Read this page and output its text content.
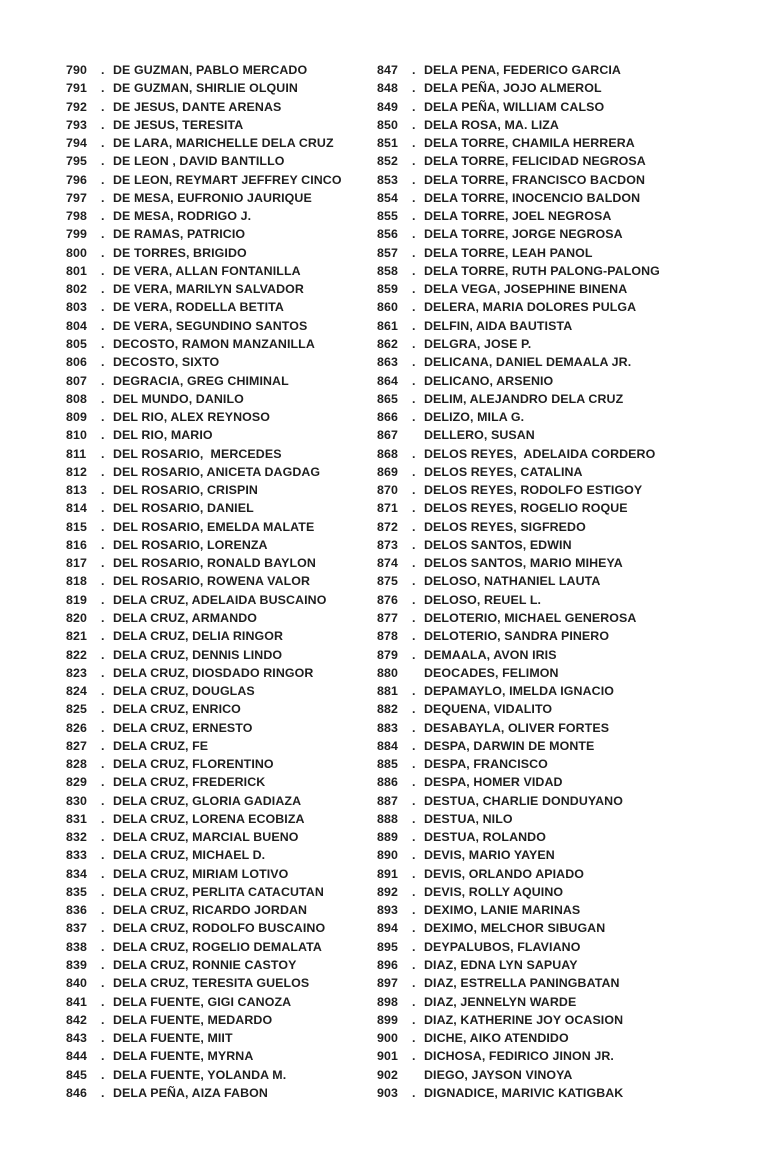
790	. DE GUZMAN, PABLO MERCADO
791	. DE GUZMAN, SHIRLIE OLQUIN
792	. DE JESUS, DANTE ARENAS
793	. DE JESUS, TERESITA
794	. DE LARA, MARICHELLE DELA CRUZ
795	. DE LEON , DAVID BANTILLO
796	. DE LEON, REYMART JEFFREY CINCO
797	. DE MESA, EUFRONIO JAURIQUE
798	. DE MESA, RODRIGO J.
799	. DE RAMAS, PATRICIO
800	. DE TORRES, BRIGIDO
801	. DE VERA, ALLAN FONTANILLA
802	. DE VERA, MARILYN SALVADOR
803	. DE VERA, RODELLA BETITA
804	. DE VERA, SEGUNDINO SANTOS
805	. DECOSTO, RAMON MANZANILLA
806	. DECOSTO, SIXTO
807	. DEGRACIA, GREG CHIMINAL
808	. DEL MUNDO, DANILO
809	. DEL RIO, ALEX REYNOSO
810	. DEL RIO, MARIO
811	. DEL ROSARIO,  MERCEDES
812	. DEL ROSARIO, ANICETA DAGDAG
813	. DEL ROSARIO, CRISPIN
814	. DEL ROSARIO, DANIEL
815	. DEL ROSARIO, EMELDA MALATE
816	. DEL ROSARIO, LORENZA
817	. DEL ROSARIO, RONALD BAYLON
818	. DEL ROSARIO, ROWENA VALOR
819	. DELA CRUZ, ADELAIDA BUSCAINO
820	. DELA CRUZ, ARMANDO
821	. DELA CRUZ, DELIA RINGOR
822	. DELA CRUZ, DENNIS LINDO
823	. DELA CRUZ, DIOSDADO RINGOR
824	. DELA CRUZ, DOUGLAS
825	. DELA CRUZ, ENRICO
826	. DELA CRUZ, ERNESTO
827	. DELA CRUZ, FE
828	. DELA CRUZ, FLORENTINO
829	. DELA CRUZ, FREDERICK
830	. DELA CRUZ, GLORIA GADIAZA
831	. DELA CRUZ, LORENA ECOBIZA
832	. DELA CRUZ, MARCIAL BUENO
833	. DELA CRUZ, MICHAEL D.
834	. DELA CRUZ, MIRIAM LOTIVO
835	. DELA CRUZ, PERLITA CATACUTAN
836	. DELA CRUZ, RICARDO JORDAN
837	. DELA CRUZ, RODOLFO BUSCAINO
838	. DELA CRUZ, ROGELIO DEMALATA
839	. DELA CRUZ, RONNIE CASTOY
840	. DELA CRUZ, TERESITA GUELOS
841	. DELA FUENTE, GIGI CANOZA
842	. DELA FUENTE, MEDARDO
843	. DELA FUENTE, MIIT
844	. DELA FUENTE, MYRNA
845	. DELA FUENTE, YOLANDA M.
846	. DELA PEÑA, AIZA FABON
847	. DELA PENA, FEDERICO GARCIA
848	. DELA PEÑA, JOJO ALMEROL
849	. DELA PEÑA, WILLIAM CALSO
850	. DELA ROSA, MA. LIZA
851	. DELA TORRE, CHAMILA HERRERA
852	. DELA TORRE, FELICIDAD NEGROSA
853	. DELA TORRE, FRANCISCO BACDON
854	. DELA TORRE, INOCENCIO BALDON
855	. DELA TORRE, JOEL NEGROSA
856	. DELA TORRE, JORGE NEGROSA
857	. DELA TORRE, LEAH PANOL
858	. DELA TORRE, RUTH PALONG-PALONG
859	. DELA VEGA, JOSEPHINE BINENA
860	. DELERA, MARIA DOLORES PULGA
861	. DELFIN, AIDA BAUTISTA
862	. DELGRA, JOSE P.
863	. DELICANA, DANIEL DEMAALA JR.
864	. DELICANO, ARSENIO
865	. DELIM, ALEJANDRO DELA CRUZ
866	. DELIZO, MILA G.
867	DELLERO, SUSAN
868	. DELOS REYES,  ADELAIDA CORDERO
869	. DELOS REYES, CATALINA
870	. DELOS REYES, RODOLFO ESTIGOY
871	. DELOS REYES, ROGELIO ROQUE
872	. DELOS REYES, SIGFREDO
873	. DELOS SANTOS, EDWIN
874	. DELOS SANTOS, MARIO MIHEYA
875	. DELOSO, NATHANIEL LAUTA
876	. DELOSO, REUEL L.
877	. DELOTERIO, MICHAEL GENEROSA
878	. DELOTERIO, SANDRA PINERO
879	. DEMAALA, AVON IRIS
880	DEOCADES, FELIMON
881	. DEPAMAYLO, IMELDA IGNACIO
882	. DEQUENA, VIDALITO
883	. DESABAYLA, OLIVER FORTES
884	. DESPA, DARWIN DE MONTE
885	. DESPA, FRANCISCO
886	. DESPA, HOMER VIDAD
887	. DESTUA, CHARLIE DONDUYANO
888	. DESTUA, NILO
889	. DESTUA, ROLANDO
890	. DEVIS, MARIO YAYEN
891	. DEVIS, ORLANDO APIADO
892	. DEVIS, ROLLY AQUINO
893	. DEXIMO, LANIE MARINAS
894	. DEXIMO, MELCHOR SIBUGAN
895	. DEYPALUBOS, FLAVIANO
896	. DIAZ, EDNA LYN SAPUAY
897	. DIAZ, ESTRELLA PANINGBATAN
898	. DIAZ, JENNELYN WARDE
899	. DIAZ, KATHERINE JOY OCASION
900	. DICHE, AIKO ATENDIDO
901	. DICHOSA, FEDIRICO JINON JR.
902	DIEGO, JAYSON VINOYA
903	. DIGNADICE, MARIVIC KATIGBAK
